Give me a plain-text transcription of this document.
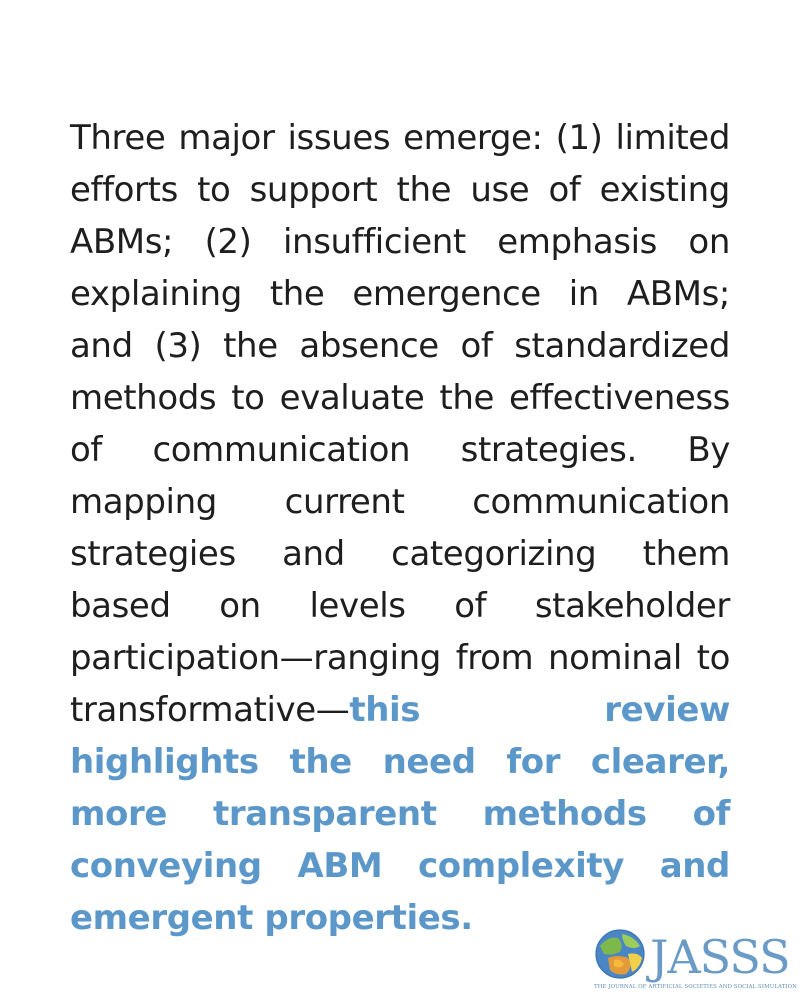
Three major issues emerge: (1) limited efforts to support the use of existing ABMs; (2) insufficient emphasis on explaining the emergence in ABMs; and (3) the absence of standardized methods to evaluate the effectiveness of communication strategies. By mapping current communication strategies and categorizing them based on levels of stakeholder participation—ranging from nominal to transformative—this review highlights the need for clearer, more transparent methods of conveying ABM complexity and emergent properties.
JASSS
THE JOURNAL OF ARTIFICIAL SOCIETIES AND SOCIAL SIMULATION
